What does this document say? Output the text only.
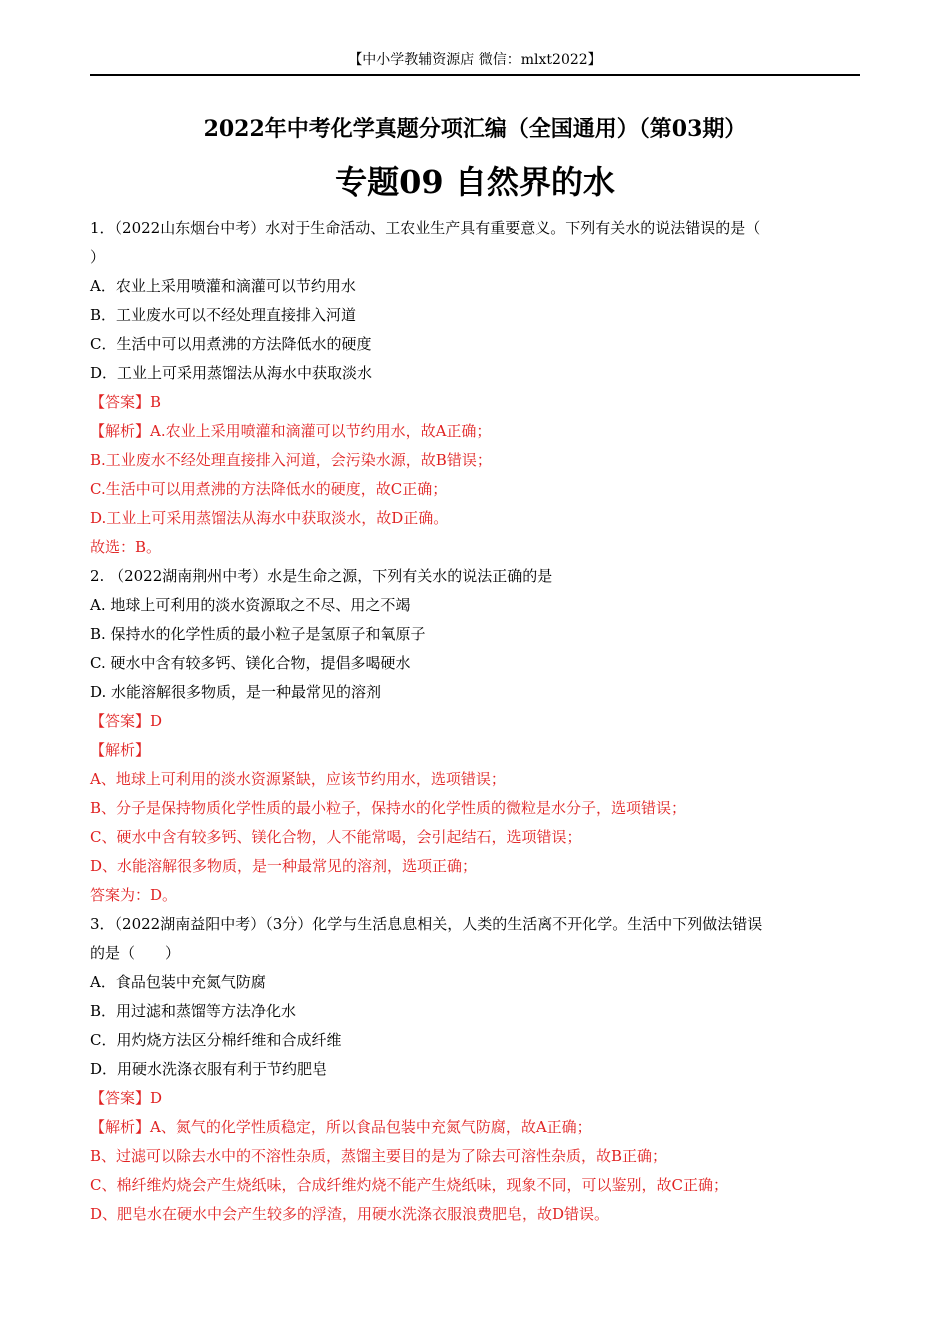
【中小学教辅资源店 微信：mlxt2022】
2022年中考化学真题分项汇编（全国通用）（第03期）
专题09 自然界的水
1．（2022山东烟台中考）水对于生命活动、工农业生产具有重要意义。下列有关水的说法错误的是（
）
A．农业上采用喷灌和滴灌可以节约用水
B．工业废水可以不经处理直接排入河道
C．生活中可以用煮沸的方法降低水的硬度
D．工业上可采用蒸馏法从海水中获取淡水
【答案】B
【解析】A.农业上采用喷灌和滴灌可以节约用水，故A正确；
B.工业废水不经处理直接排入河道，会污染水源，故B错误；
C.生活中可以用煮沸的方法降低水的硬度，故C正确；
D.工业上可采用蒸馏法从海水中获取淡水，故D正确。
故选：B。
2. （2022湖南荆州中考）水是生命之源，下列有关水的说法正确的是
A. 地球上可利用的淡水资源取之不尽、用之不竭
B. 保持水的化学性质的最小粒子是氢原子和氧原子
C. 硬水中含有较多钙、镁化合物，提倡多喝硬水
D. 水能溶解很多物质，是一种最常见的溶剂
【答案】D
【解析】
A、地球上可利用的淡水资源紧缺，应该节约用水，选项错误；
B、分子是保持物质化学性质的最小粒子，保持水的化学性质的微粒是水分子，选项错误；
C、硬水中含有较多钙、镁化合物，人不能常喝，会引起结石，选项错误；
D、水能溶解很多物质，是一种最常见的溶剂，选项正确；
答案为：D。
3．（2022湖南益阳中考）（3分）化学与生活息息相关，人类的生活离不开化学。生活中下列做法错误
的是（　　）
A．食品包装中充氮气防腐
B．用过滤和蒸馏等方法净化水
C．用灼烧方法区分棉纤维和合成纤维
D．用硬水洗涤衣服有利于节约肥皂
【答案】D
【解析】A、氮气的化学性质稳定，所以食品包装中充氮气防腐，故A正确；
B、过滤可以除去水中的不溶性杂质，蒸馏主要目的是为了除去可溶性杂质，故B正确；
C、棉纤维灼烧会产生烧纸味，合成纤维灼烧不能产生烧纸味，现象不同，可以鉴别，故C正确；
D、肥皂水在硬水中会产生较多的浮渣，用硬水洗涤衣服浪费肥皂，故D错误。
